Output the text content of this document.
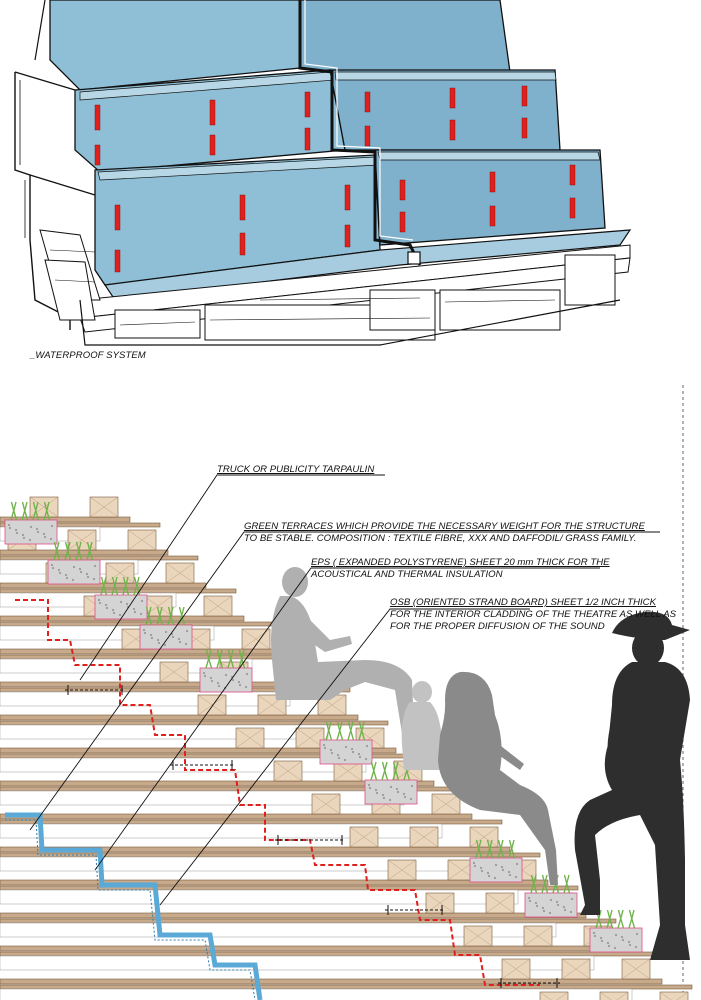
_WATERPROOF SYSTEM
TRUCK OR PUBLICITY TARPAULIN
GREEN TERRACES WHICH PROVIDE THE NECESSARY WEIGHT FOR THE STRUCTURE
TO BE STABLE. COMPOSITION : TEXTILE FIBRE, XXX AND DAFFODIL/ GRASS FAMILY.
EPS ( EXPANDED POLYSTYRENE) SHEET 20 mm THICK FOR THE
ACOUSTICAL AND THERMAL INSULATION
OSB (ORIENTED STRAND BOARD) SHEET 1/2 INCH THICK
FOR THE INTERIOR CLADDING OF THE THEATRE AS WELL AS
FOR THE PROPER DIFFUSION OF THE SOUND
